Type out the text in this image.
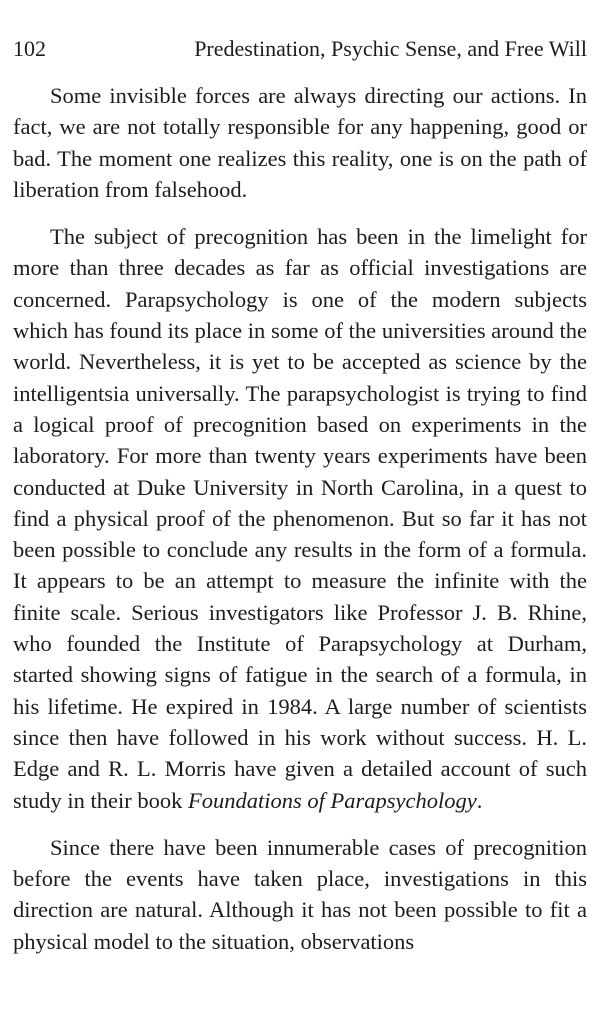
102	Predestination, Psychic Sense, and Free Will

Some invisible forces are always directing our actions. In fact, we are not totally responsible for any happening, good or bad. The moment one realizes this reality, one is on the path of liberation from falsehood.

The subject of precognition has been in the limelight for more than three decades as far as official investigations are concerned. Parapsychology is one of the modern subjects which has found its place in some of the universities around the world. Nevertheless, it is yet to be accepted as science by the intelligentsia universally. The parapsychologist is trying to find a logical proof of precognition based on experiments in the laboratory. For more than twenty years experiments have been conducted at Duke University in North Carolina, in a quest to find a physical proof of the phenomenon. But so far it has not been possible to conclude any results in the form of a formula. It appears to be an attempt to measure the infinite with the finite scale. Serious investigators like Professor J. B. Rhine, who founded the Institute of Parapsychology at Durham, started showing signs of fatigue in the search of a formula, in his lifetime. He expired in 1984. A large number of scientists since then have followed in his work without success. H. L. Edge and R. L. Morris have given a detailed account of such study in their book Foundations of Parapsychology.

Since there have been innumerable cases of precognition before the events have taken place, investigations in this direction are natural. Although it has not been possible to fit a physical model to the situation, observations
